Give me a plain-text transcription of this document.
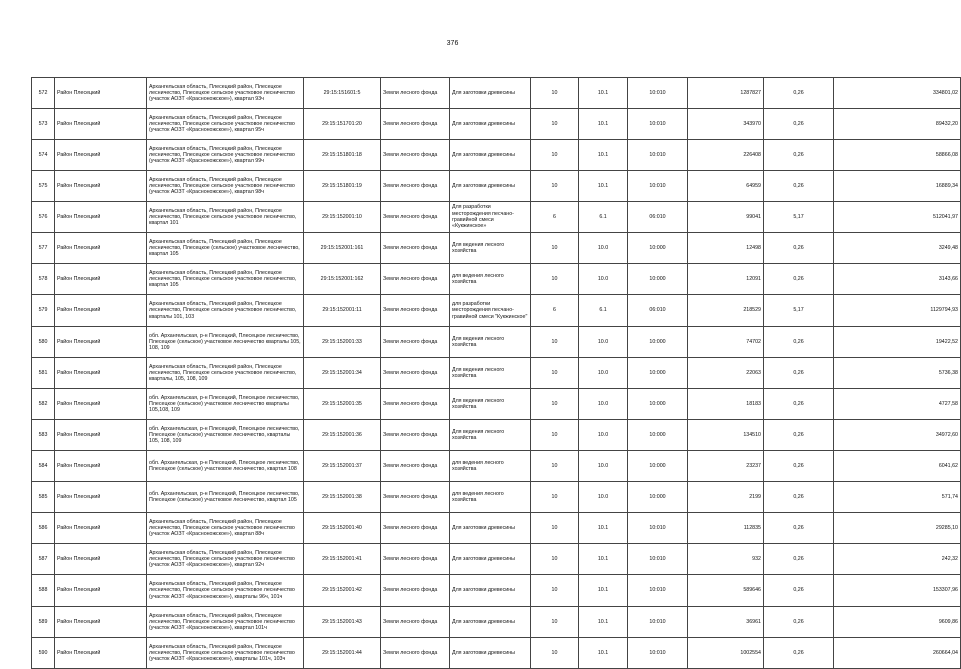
376
572	Район Плесецкий	Архангельская область, Плесецкий район, Плесецкое лесничество, Плесецкое сельское участковое лесничество (участок АОЗТ «Красноножское»), квартал 93ч	29:15:151601:5	Земли лесного фонда	Для заготовки древесины	10	10.1	10:010	1287827	0,26	334801,02
573	Район Плесецкий	Архангельская область, Плесецкий район, Плесецкое лесничество, Плесецкое сельское участковое лесничество (участок АОЗТ «Красноножское»), квартал 95ч	29:15:151701:20	Земли лесного фонда	Для заготовки древесины	10	10.1	10:010	343970	0,26	89432,20
574	Район Плесецкий	Архангельская область, Плесецкий район, Плесецкое лесничество, Плесецкое сельское участковое лесничество (участок АОЗТ «Красноножское»), квартал 99ч	29:15:151801:18	Земли лесного фонда	Для заготовки древесины	10	10.1	10:010	226408	0,26	58866,08
575	Район Плесецкий	Архангельская область, Плесецкий район, Плесецкое лесничество, Плесецкое сельское участковое лесничество (участок АОЗТ «Красноножское»), квартал 98ч	29:15:151801:19	Земли лесного фонда	Для заготовки древесины	10	10.1	10:010	64959	0,26	16889,34
576	Район Плесецкий	Архангельская область, Плесецкий район, Плесецкое лесничество, Плесецкое сельское участковое лесничество, квартал 101	29:15:152001:10	Земли лесного фонда	Для разработки месторождения песчано-гравийной смеси «Кукжинское»	6	6.1	06:010	99041	5,17	512041,97
577	Район Плесецкий	Архангельская область, Плесецкий район, Плесецкое лесничество, Плесецкое (сельское) участковое лесничество, квартал 105	29:15:152001:161	Земли лесного фонда	Для ведения лесного хозяйства	10	10.0	10:000	12498	0,26	3249,48
578	Район Плесецкий	Архангельская область, Плесецкий район, Плесецкое лесничество, Плесецкое сельское участковое лесничество, квартал 105	29:15:152001:162	Земли лесного фонда	для ведения лесного хозяйства	10	10.0	10:000	12091	0,26	3143,66
579	Район Плесецкий	Архангельская область, Плесецкий район, Плесецкое лесничество, Плесецкое сельское участковое лесничество, кварталы 101, 103	29:15:152001:11	Земли лесного фонда	для разработки месторождения песчано-гравийной смеси "Кукжинское"	6	6.1	06:010	218529	5,17	1129794,93
580	Район Плесецкий	обл. Архангельская, р-н Плесецкий, Плесецкое лесничество, Плесецкое (сельское) участковое лесничество кварталы 105, 108, 109	29:15:152001:33	Земли лесного фонда	Для ведения лесного хозяйства	10	10.0	10:000	74702	0,26	19422,52
581	Район Плесецкий	Архангельская область, Плесецкий район, Плесецкое лесничество, Плесецкое сельское участковое лесничество, кварталы, 105, 108, 109	29:15:152001:34	Земли лесного фонда	Для ведения лесного хозяйства	10	10.0	10:000	22063	0,26	5736,38
582	Район Плесецкий	обл. Архангельская, р-н Плесецкий, Плесецкое лесничество, Плесецкое (сельское) участковое лесничество кварталы 105,108, 109	29:15:152001:35	Земли лесного фонда	Для ведения лесного хозяйства	10	10.0	10:000	18183	0,26	4727,58
583	Район Плесецкий	обл. Архангельская, р-н Плесецкий, Плесецкое лесничество, Плесецкое (сельское) участковое лесничество, кварталы 105, 108, 109	29:15:152001:36	Земли лесного фонда	Для ведения лесного хозяйства	10	10.0	10:000	134510	0,26	34972,60
584	Район Плесецкий	обл. Архангельская, р-н Плесецкий, Плесецкое лесничество, Плесецкое (сельское) участковое лесничество, квартал 108	29:15:152001:37	Земли лесного фонда	для ведения лесного хозяйства	10	10.0	10:000	23237	0,26	6041,62
585	Район Плесецкий	обл. Архангельская, р-н Плесецкий, Плесецкое лесничество, Плесецкое (сельское) участковое лесничество, квартал 105	29:15:152001:38	Земли лесного фонда	для ведения лесного хозяйства	10	10.0	10:000	2199	0,26	571,74
586	Район Плесецкий	Архангельская область, Плесецкий район, Плесецкое лесничество, Плесецкое сельское участковое лесничество (участок АОЗТ «Красноножское»), квартал 88ч	29:15:152001:40	Земли лесного фонда	Для заготовки древесины	10	10.1	10:010	112835	0,26	29285,10
587	Район Плесецкий	Архангельская область, Плесецкий район, Плесецкое лесничество, Плесецкое сельское участковое лесничество (участок АОЗТ «Красноножское»), квартал 92ч	29:15:152001:41	Земли лесного фонда	Для заготовки древесины	10	10.1	10:010	932	0,26	242,32
588	Район Плесецкий	Архангельская область, Плесецкий район, Плесецкое лесничество, Плесецкое сельское участковое лесничество (участок АОЗТ «Красноножское»), кварталы 96ч, 101ч	29:15:152001:42	Земли лесного фонда	Для заготовки древесины	10	10.1	10:010	589646	0,26	153307,96
589	Район Плесецкий	Архангельская область, Плесецкий район, Плесецкое лесничество, Плесецкое сельское участковое лесничество (участок АОЗТ «Красноножское»), квартал 101ч	29:15:152001:43	Земли лесного фонда	Для заготовки древесины	10	10.1	10:010	36961	0,26	9609,86
590	Район Плесецкий	Архангельская область, Плесецкий район, Плесецкое лесничество, Плесецкое сельское участковое лесничество (участок АОЗТ «Красноножское»), кварталы 101ч, 103ч	29:15:152001:44	Земли лесного фонда	Для заготовки древесины	10	10.1	10:010	1002554	0,26	260664,04
